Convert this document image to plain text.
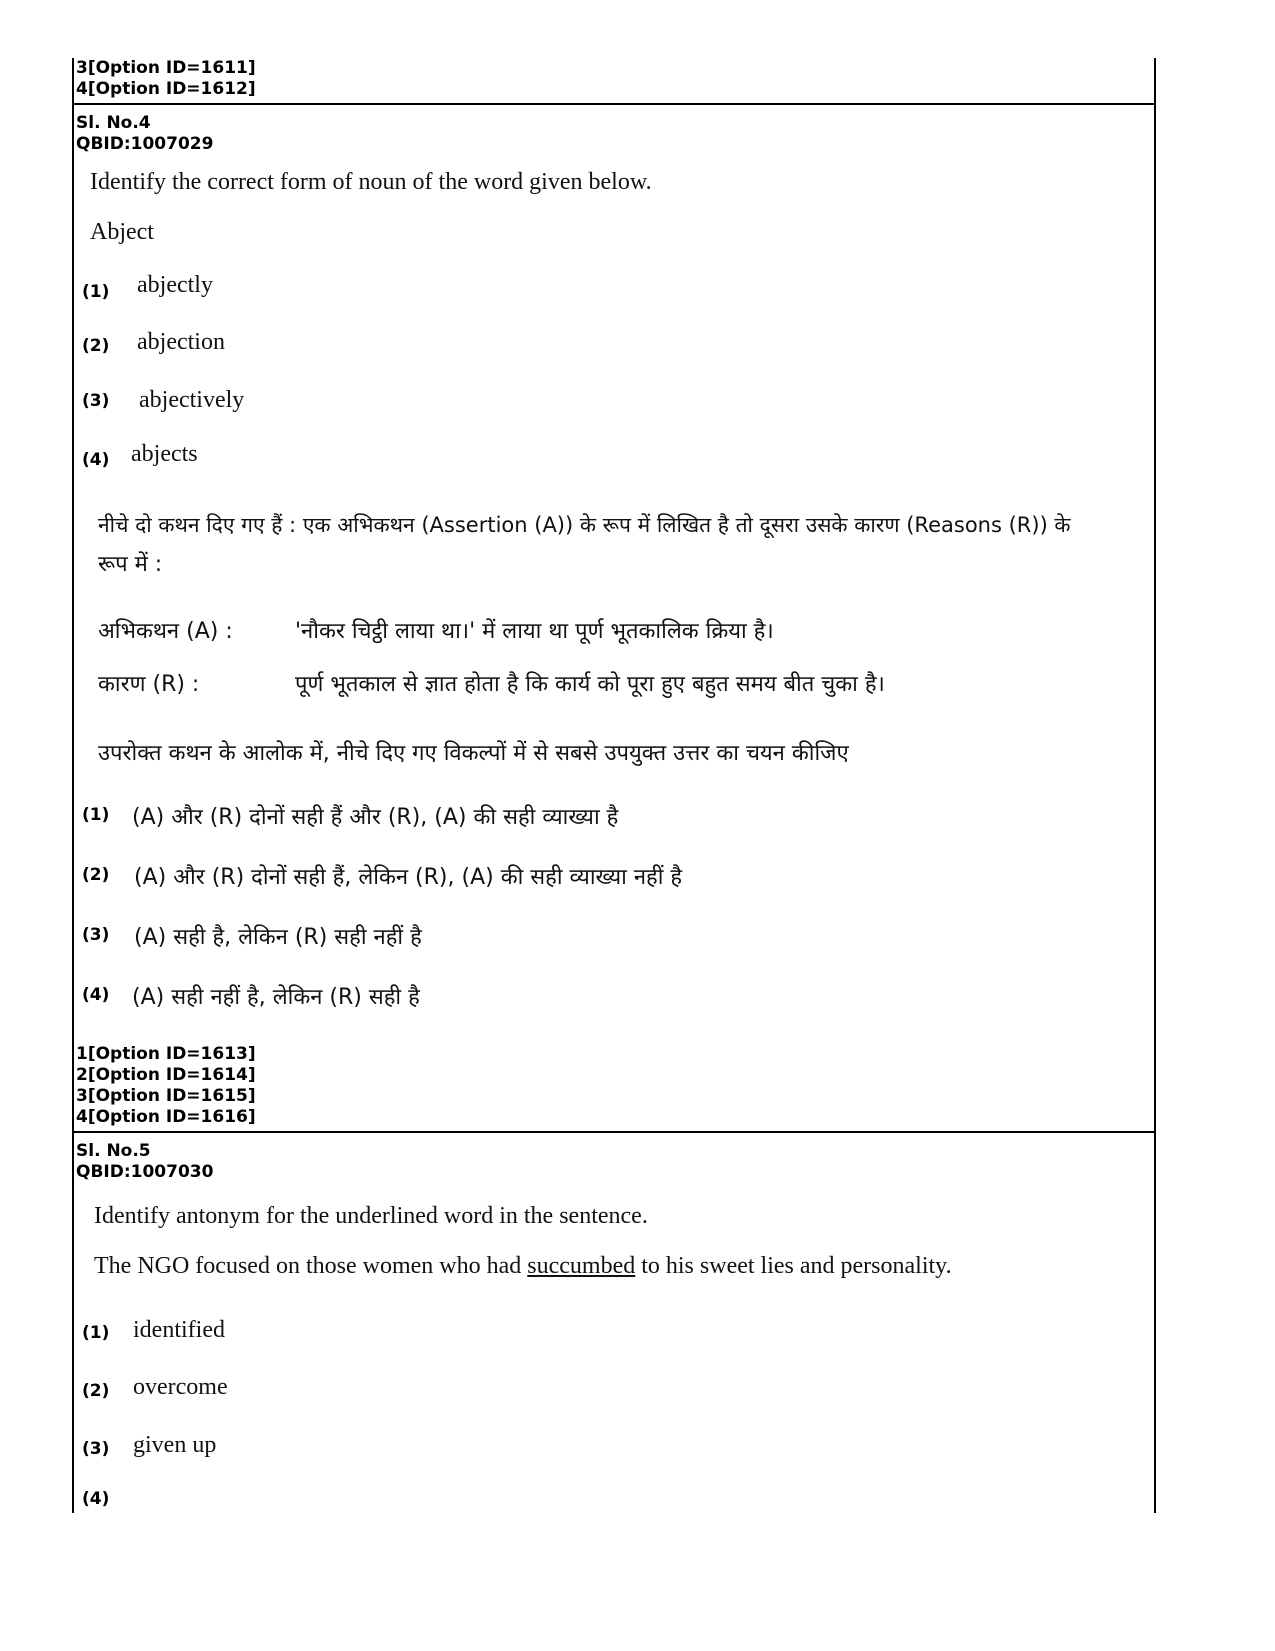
3[Option ID=1611]
4[Option ID=1612]
Sl. No.4
QBID:1007029
Identify the correct form of noun of the word given below.
Abject
(1) abjectly
(2) abjection
(3) abjectively
(4) abjects
नीचे दो कथन दिए गए हैं : एक अभिकथन (Assertion (A)) के रूप में लिखित है तो दूसरा उसके कारण (Reasons (R)) के
रूप में :
अभिकथन (A) :	'नौकर चिट्ठी लाया था।' में लाया था पूर्ण भूतकालिक क्रिया है।
कारण (R) :	पूर्ण भूतकाल से ज्ञात होता है कि कार्य को पूरा हुए बहुत समय बीत चुका है।
उपरोक्त कथन के आलोक में, नीचे दिए गए विकल्पों में से सबसे उपयुक्त उत्तर का चयन कीजिए
(1) (A) और (R) दोनों सही हैं और (R), (A) की सही व्याख्या है
(2) (A) और (R) दोनों सही हैं, लेकिन (R), (A) की सही व्याख्या नहीं है
(3) (A) सही है, लेकिन (R) सही नहीं है
(4) (A) सही नहीं है, लेकिन (R) सही है
1[Option ID=1613]
2[Option ID=1614]
3[Option ID=1615]
4[Option ID=1616]
Sl. No.5
QBID:1007030
Identify antonym for the underlined word in the sentence.
The NGO focused on those women who had succumbed to his sweet lies and personality.
(1) identified
(2) overcome
(3) given up
(4)
